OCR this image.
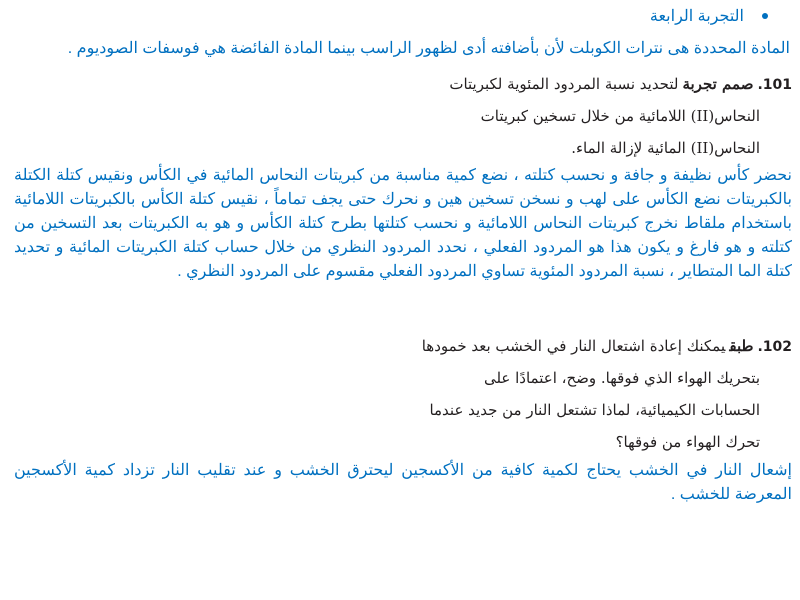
التجربة الرابعة
المادة المحددة هى نترات الكوبلت لأن بأضافته أدى لظهور الراسب بينما المادة الفائضة هي فوسفات الصوديوم .
101.صمم تجربةلتحديد نسبة المردود المئوية لكبريتات
النحاس(II) اللامائية من خلال تسخين كبريتات
النحاس(II) المائية لإزالة الماء.
نحضر كأس نظيفة و جافة و نحسب كتلته ، نضع كمية مناسبة من كبريتات النحاس المائية في الكأس ونقيس كتلة الكتلة بالكبريتات نضع الكأس على لهب و نسخن تسخين هين و نحرك حتى يجف تماماً ، نقيس كتلة الكأس بالكبريتات اللامائية باستخدام ملقاط نخرج كبريتات النحاس اللامائية و نحسب كتلتها بطرح كتلة الكأس و هو به الكبريتات بعد التسخين من كتلته و هو فارغ و يكون هذا هو المردود الفعلي ، نحدد المردود النظري من خلال حساب كتلة الكبريتات المائية و تحديد كتلة الما المتطاير ، نسبة المردود المئوية تساوي المردود الفعلي مقسوم على المردود النظري .
102.طبقيمكنك إعادة اشتعال النار في الخشب بعد خمودها
بتحريك الهواء الذي فوقها. وضح، اعتمادًا على
الحسابات الكيميائية، لماذا تشتعل النار من جديد عندما
تحرك الهواء من فوقها؟
إشعال النار في الخشب يحتاج لكمية كافية من الأكسجين ليحترق الخشب و عند تقليب النار تزداد كمية الأكسجين المعرضة للخشب .
